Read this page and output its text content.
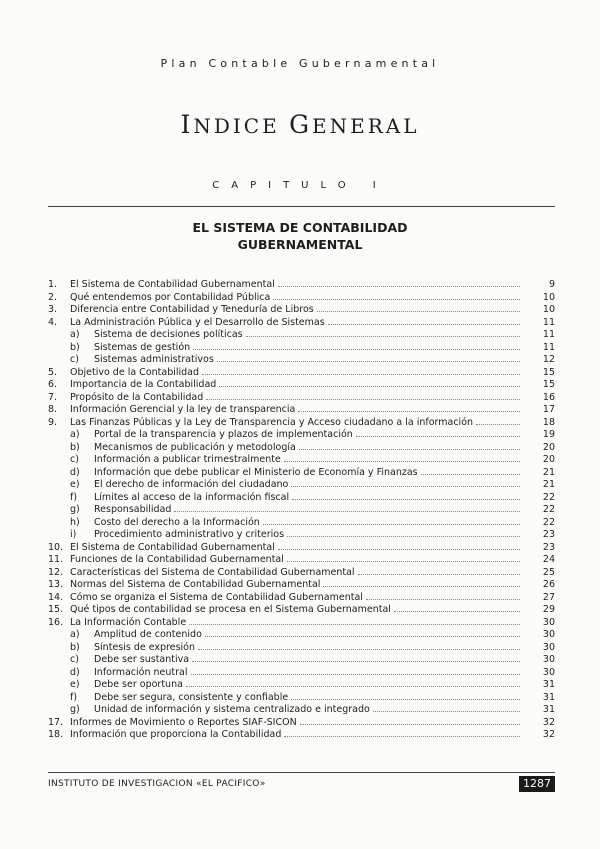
Plan Contable Gubernamental
INDICE GENERAL
CAPITULO I
EL SISTEMA DE CONTABILIDAD
GUBERNAMENTAL
1.	El Sistema de Contabilidad Gubernamental	9
2.	Qué entendemos por Contabilidad Pública	10
3.	Diferencia entre Contabilidad y Teneduría de Libros	10
4.	La Administración Pública y el Desarrollo de Sistemas	11
a)	Sistema de decisiones políticas	11
b)	Sistemas de gestión	11
c)	Sistemas administrativos	12
5.	Objetivo de la Contabilidad	15
6.	Importancia de la Contabilidad	15
7.	Propósito de la Contabilidad	16
8.	Información Gerencial y la ley de transparencia	17
9.	Las Finanzas Públicas y la Ley de Transparencia y Acceso ciudadano a la información	18
a)	Portal de la transparencia y plazos de implementación	19
b)	Mecanismos de publicación y metodología	20
c)	Información a publicar trimestralmente	20
d)	Información que debe publicar el Ministerio de Economía y Finanzas	21
e)	El derecho de información del ciudadano	21
f)	Límites al acceso de la información fiscal	22
g)	Responsabilidad	22
h)	Costo del derecho a la Información	22
i)	Procedimiento administrativo y criterios	23
10. El Sistema de Contabilidad Gubernamental	23
11. Funciones de la Contabilidad Gubernamental	24
12. Características del Sistema de Contabilidad Gubernamental	25
13. Normas del Sistema de Contabilidad Gubernamental	26
14. Cómo se organiza el Sistema de Contabilidad Gubernamental	27
15. Qué tipos de contabilidad se procesa en el Sistema Gubernamental	29
16. La Información Contable	30
a)	Amplitud de contenido	30
b)	Síntesis de expresión	30
c)	Debe ser sustantiva	30
d)	Información neutral	30
e)	Debe ser oportuna	31
f)	Debe ser segura, consistente y confiable	31
g)	Unidad de información y sistema centralizado e integrado	31
17. Informes de Movimiento o Reportes SIAF-SICON	32
18. Información que proporciona la Contabilidad	32
INSTITUTO DE INVESTIGACION «EL PACIFICO»	1287
